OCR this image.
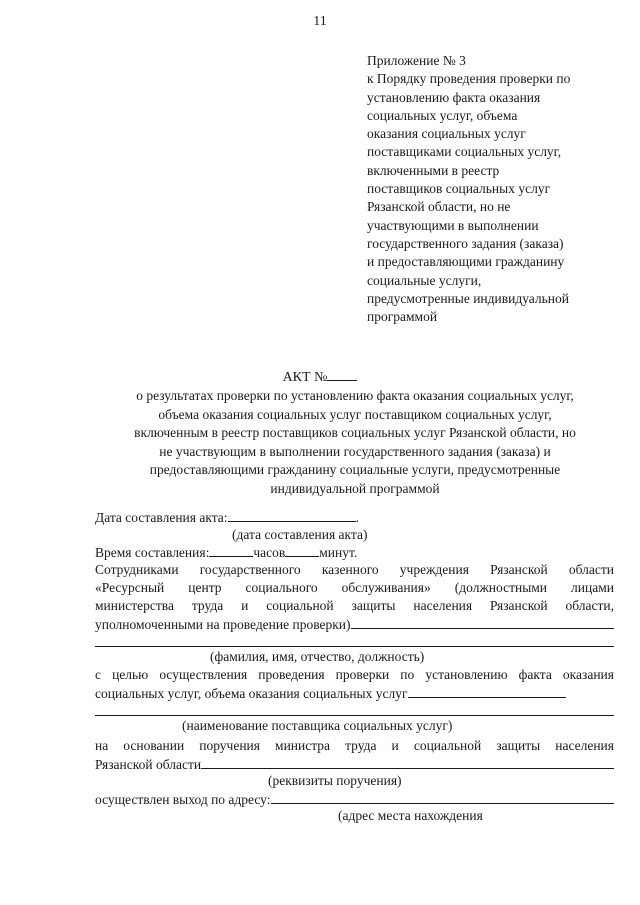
11
Приложение № 3
к Порядку проведения проверки по
установлению факта оказания
социальных услуг, объема
оказания социальных услуг
поставщиками социальных услуг,
включенными в реестр
поставщиков социальных услуг
Рязанской области, но не
участвующими в выполнении
государственного задания (заказа)
и предоставляющими гражданину
социальные услуги,
предусмотренные индивидуальной
программой
АКТ №
о результатах проверки по установлению факта оказания социальных услуг,
объема оказания социальных услуг поставщиком социальных услуг,
включенным в реестр поставщиков социальных услуг Рязанской области, но
не участвующим в выполнении государственного задания (заказа) и
предоставляющими гражданину социальные услуги, предусмотренные
индивидуальной программой
Дата составления акта:	.
(дата составления акта)
Время составления:	часов	минут.
Сотрудниками государственного казенного учреждения Рязанской области
«Ресурсный центр социального обслуживания» (должностными лицами
министерства труда и социальной защиты населения Рязанской области,
уполномоченными на проведение проверки)
(фамилия, имя, отчество, должность)
с целью осуществления проведения проверки по установлению факта оказания
социальных услуг, объема оказания социальных услуг
(наименование поставщика социальных услуг)
на основании поручения министра труда и социальной защиты населения
Рязанской области
(реквизиты поручения)
осуществлен выход по адресу:
(адрес места нахождения
